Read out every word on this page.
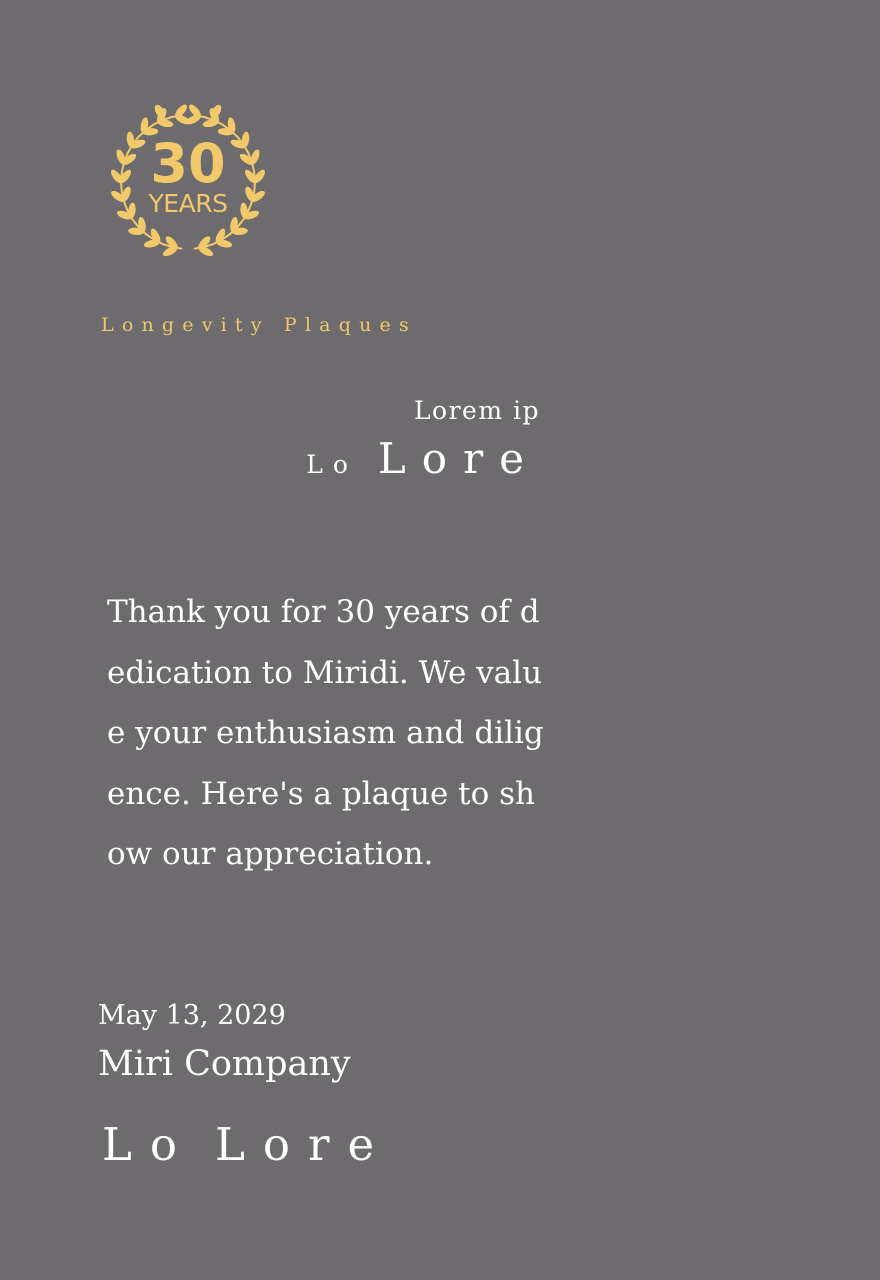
30
YEARS
Longevity Plaques
Lorem ip
Lo Lore
Thank you for 30 years of dedication to Miridi. We value your enthusiasm and diligence. Here's a plaque to show our appreciation.
May 13, 2029
Miri Company
Lo Lore
